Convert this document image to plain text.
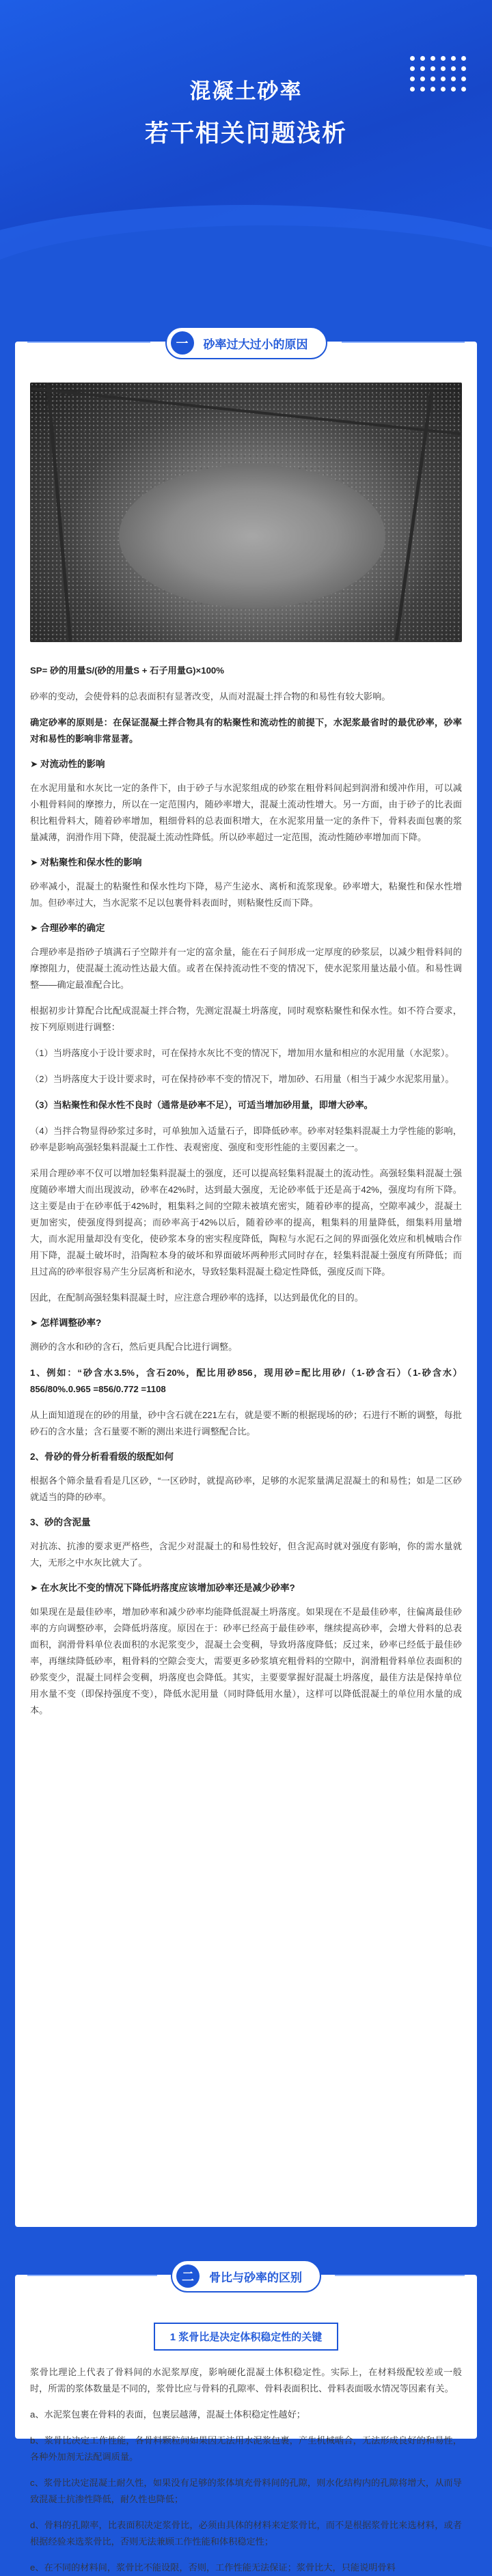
混凝土砂率
若干相关问题浅析

SP= 砂的用量S/(砂的用量S + 石子用量G)×100%

砂率的变动，会使骨料的总表面积有显著改变，从而对混凝土拌合物的和易性有较大影响。

确定砂率的原则是：在保证混凝土拌合物具有的粘聚性和流动性的前提下，水泥浆最省时的最优砂率，砂率对和易性的影响非常显著。

➤ 对流动性的影响

在水泥用量和水灰比一定的条件下，由于砂子与水泥浆组成的砂浆在粗骨料间起到润滑和缓冲作用，可以减小粗骨料间的摩擦力，所以在一定范围内，随砂率增大，混凝土流动性增大。另一方面，由于砂子的比表面积比粗骨料大，随着砂率增加，粗细骨料的总表面积增大，在水泥浆用量一定的条件下，骨料表面包裹的浆量减薄，润滑作用下降，使混凝土流动性降低。所以砂率超过一定范围，流动性随砂率增加而下降。

➤ 对粘聚性和保水性的影响

砂率减小，混凝土的粘聚性和保水性均下降，易产生泌水、离析和流浆现象。砂率增大，粘聚性和保水性增加。但砂率过大，当水泥浆不足以包裹骨料表面时，则粘聚性反而下降。

➤ 合理砂率的确定

合理砂率是指砂子填满石子空隙并有一定的富余量，能在石子间形成一定厚度的砂浆层，以减少粗骨料间的摩擦阻力，使混凝土流动性达最大值。或者在保持流动性不变的情况下，使水泥浆用量达最小值。和易性调整——确定最准配合比。

根据初步计算配合比配成混凝土拌合物，先测定混凝土坍落度，同时观察粘聚性和保水性。如不符合要求，按下列原则进行调整：

（1）当坍落度小于设计要求时，可在保持水灰比不变的情况下，增加用水量和相应的水泥用量（水泥浆）。

（2）当坍落度大于设计要求时，可在保持砂率不变的情况下，增加砂、石用量（相当于减少水泥浆用量）。

（3）当粘聚性和保水性不良时（通常是砂率不足），可适当增加砂用量，即增大砂率。

（4）当拌合物显得砂浆过多时，可单独加入适量石子，即降低砂率。砂率对轻集料混凝土力学性能的影响，砂率是影响高强轻集料混凝土工作性、表观密度、强度和变形性能的主要因素之一。

采用合理砂率不仅可以增加轻集料混凝土的强度，还可以提高轻集料混凝土的流动性。高强轻集料混凝土强度随砂率增大而出现波动，砂率在42%时，达到最大强度，无论砂率低于还是高于42%，强度均有所下降。这主要是由于在砂率低于42%时，粗集料之间的空隙未被填充密实，随着砂率的提高，空隙率减少，混凝土更加密实，使强度得到提高；而砂率高于42%以后，随着砂率的提高，粗集料的用量降低，细集料用量增大，而水泥用量却没有变化，使砂浆本身的密实程度降低，陶粒与水泥石之间的界面强化效应和机械啮合作用下降，混凝土破坏时，沿陶粒本身的破坏和界面破坏两种形式同时存在，轻集料混凝土强度有所降低；而且过高的砂率很容易产生分层离析和泌水，导致轻集料混凝土稳定性降低，强度反而下降。

因此，在配制高强轻集料混凝土时，应注意合理砂率的选择，以达到最优化的目的。

➤ 怎样调整砂率?

测砂的含水和砂的含石，然后更具配合比进行调整。

1、例如：“砂含水3.5%，含石20%，配比用砂856，现用砂=配比用砂/（1-砂含石）（1-砂含水）856/80%.0.965 =856/0.772 =1108

从上面知道现在的砂的用量，砂中含石就在221左右，就是要不断的根据现场的砂；石进行不断的调整，每批砂石的含水量；含石量要不断的测出来进行调整配合比。

2、骨砂的骨分析看看级的级配如何

根据各个筛余量看看是几区砂，“一区砂时，就提高砂率，足够的水泥浆量满足混凝土的和易性；如是二区砂就适当的降的砂率。

3、砂的含泥量

对抗冻、抗渗的要求更严格些，含泥少对混凝土的和易性较好，但含泥高时就对强度有影响，你的需水量就大，无形之中水灰比就大了。

➤ 在水灰比不变的情况下降低坍落度应该增加砂率还是减少砂率?

如果现在是最佳砂率，增加砂率和减少砂率均能降低混凝土坍落度。如果现在不是最佳砂率，往偏离最佳砂率的方向调整砂率，会降低坍落度。原因在于：砂率已经高于最佳砂率，继续提高砂率，会增大骨料的总表面积，润滑骨料单位表面积的水泥浆变少，混凝土会变稠，导致坍落度降低；反过来，砂率已经低于最佳砂率，再继续降低砂率，粗骨料的空隙会变大，需要更多砂浆填充粗骨料的空隙中，润滑粗骨料单位表面积的砂浆变少，混凝土同样会变稠，坍落度也会降低。其实，主要要掌握好混凝土坍落度，最佳方法是保持单位用水量不变（即保持强度不变），降低水泥用量（同时降低用水量），这样可以降低混凝土的单位用水量的成本。

一	砂率过大过小的原因
1 浆骨比是决定体积稳定性的关键

浆骨比理论上代表了骨料间的水泥浆厚度，影响硬化混凝土体积稳定性。实际上，在材料级配较差或一般时，所需的浆体数量是不同的，浆骨比应与骨料的孔隙率、骨料表面积比、骨料表面吸水情况等因素有关。

a、水泥浆包裹在骨料的表面，包裹层越薄，混凝土体积稳定性越好；

b、浆骨比决定工作性能，各骨料颗粒间如果因无法用水泥浆包裹，产生机械啮合，无法形成良好的和易性，各种外加剂无法配调质量。

c、浆骨比决定混凝土耐久性，如果没有足够的浆体填充骨料间的孔隙，则水化结构内的孔隙将增大，从而导致混凝土抗渗性降低，耐久性也降低；

d、骨料的孔隙率，比表面积决定浆骨比，必须由具体的材料来定浆骨比，而不是根据浆骨比来选材料，或者根据经验来选浆骨比，否则无法兼顾工作性能和体积稳定性；

e、在不同的材料间，浆骨比不能设限，否则，工作性能无法保证；浆骨比大，只能说明骨料

二	骨比与砂率的区别
